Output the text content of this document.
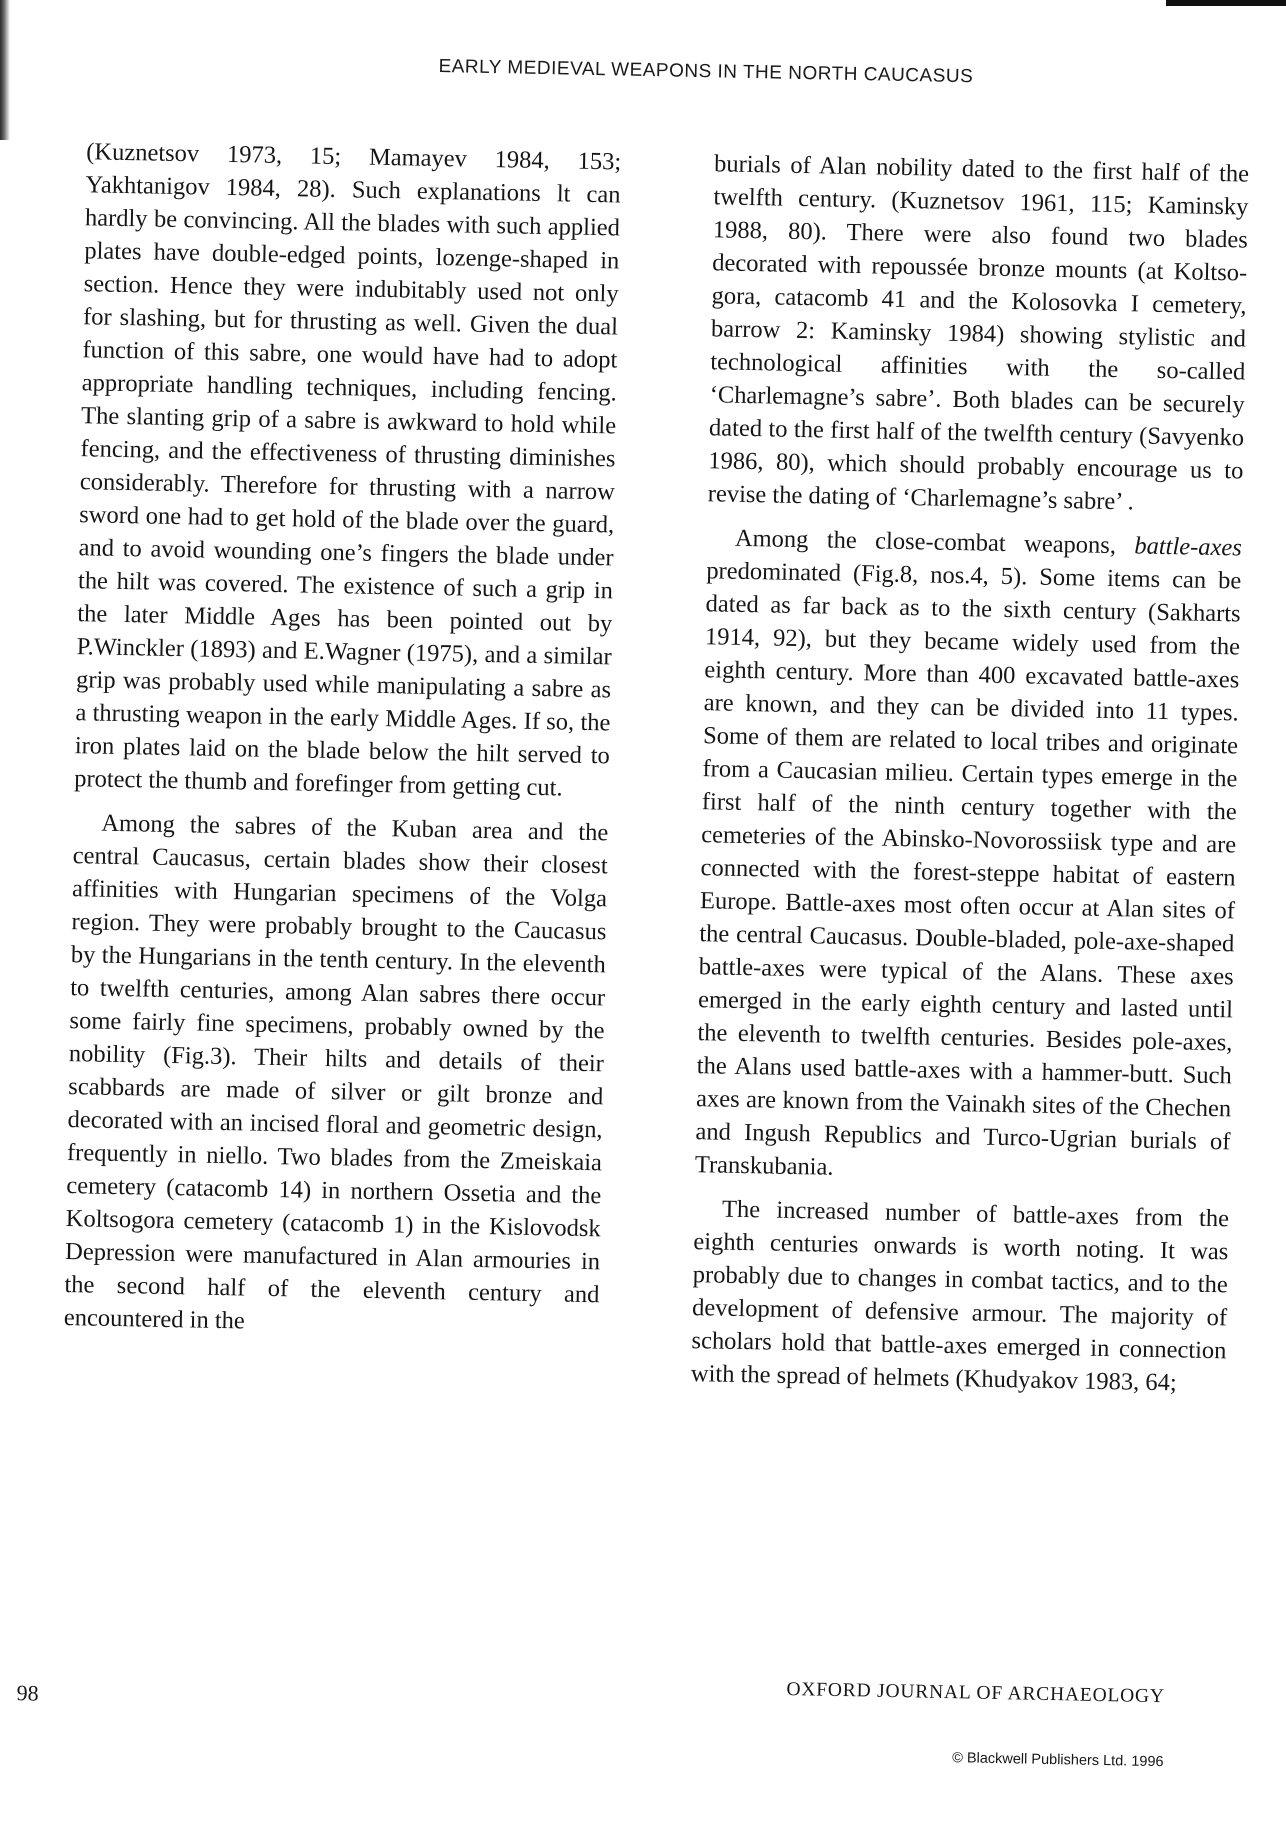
EARLY MEDIEVAL WEAPONS IN THE NORTH CAUCASUS

(Kuznetsov 1973, 15; Mamayev 1984, 153; Yakhtanigov 1984, 28). Such explanations lt can hardly be convincing. All the blades with such applied plates have double-edged points, lozenge-shaped in section. Hence they were indubitably used not only for slashing, but for thrusting as well. Given the dual function of this sabre, one would have had to adopt appropriate handling techniques, including fencing. The slanting grip of a sabre is awkward to hold while fencing, and the effectiveness of thrusting diminishes considerably. Therefore for thrusting with a narrow sword one had to get hold of the blade over the guard, and to avoid wounding one’s fingers the blade under the hilt was covered. The existence of such a grip in the later Middle Ages has been pointed out by P.Winckler (1893) and E.Wagner (1975), and a similar grip was probably used while manipulating a sabre as a thrusting weapon in the early Middle Ages. If so, the iron plates laid on the blade below the hilt served to protect the thumb and forefinger from getting cut.

Among the sabres of the Kuban area and the central Caucasus, certain blades show their closest affinities with Hungarian specimens of the Volga region. They were probably brought to the Caucasus by the Hungarians in the tenth century. In the eleventh to twelfth centuries, among Alan sabres there occur some fairly fine specimens, probably owned by the nobility (Fig.3). Their hilts and details of their scabbards are made of silver or gilt bronze and decorated with an incised floral and geometric design, frequently in niello. Two blades from the Zmeiskaia cemetery (catacomb 14) in northern Ossetia and the Koltsogora cemetery (catacomb 1) in the Kislovodsk Depression were manufactured in Alan armouries in the second half of the eleventh century and encountered in the

burials of Alan nobility dated to the first half of the twelfth century. (Kuznetsov 1961, 115; Kaminsky 1988, 80). There were also found two blades decorated with repoussée bronze mounts (at Koltso-gora, catacomb 41 and the Kolosovka I cemetery, barrow 2: Kaminsky 1984) showing stylistic and technological affinities with the so-called ‘Charlemagne’s sabre’. Both blades can be securely dated to the first half of the twelfth century (Savyenko 1986, 80), which should probably encourage us to revise the dating of ‘Charlemagne’s sabre’ .

Among the close-combat weapons, battle-axes predominated (Fig.8, nos.4, 5). Some items can be dated as far back as to the sixth century (Sakharts 1914, 92), but they became widely used from the eighth century. More than 400 excavated battle-axes are known, and they can be divided into 11 types. Some of them are related to local tribes and originate from a Caucasian milieu. Certain types emerge in the first half of the ninth century together with the cemeteries of the Abinsko-Novorossiisk type and are connected with the forest-steppe habitat of eastern Europe. Battle-axes most often occur at Alan sites of the central Caucasus. Double-bladed, pole-axe-shaped battle-axes were typical of the Alans. These axes emerged in the early eighth century and lasted until the eleventh to twelfth centuries. Besides pole-axes, the Alans used battle-axes with a hammer-butt. Such axes are known from the Vainakh sites of the Chechen and Ingush Republics and Turco-Ugrian burials of Transkubania.

The increased number of battle-axes from the eighth centuries onwards is worth noting. It was probably due to changes in combat tactics, and to the development of defensive armour. The majority of scholars hold that battle-axes emerged in connection with the spread of helmets (Khudyakov 1983, 64;

OXFORD JOURNAL OF ARCHAEOLOGY
98
© Blackwell Publishers Ltd. 1996
